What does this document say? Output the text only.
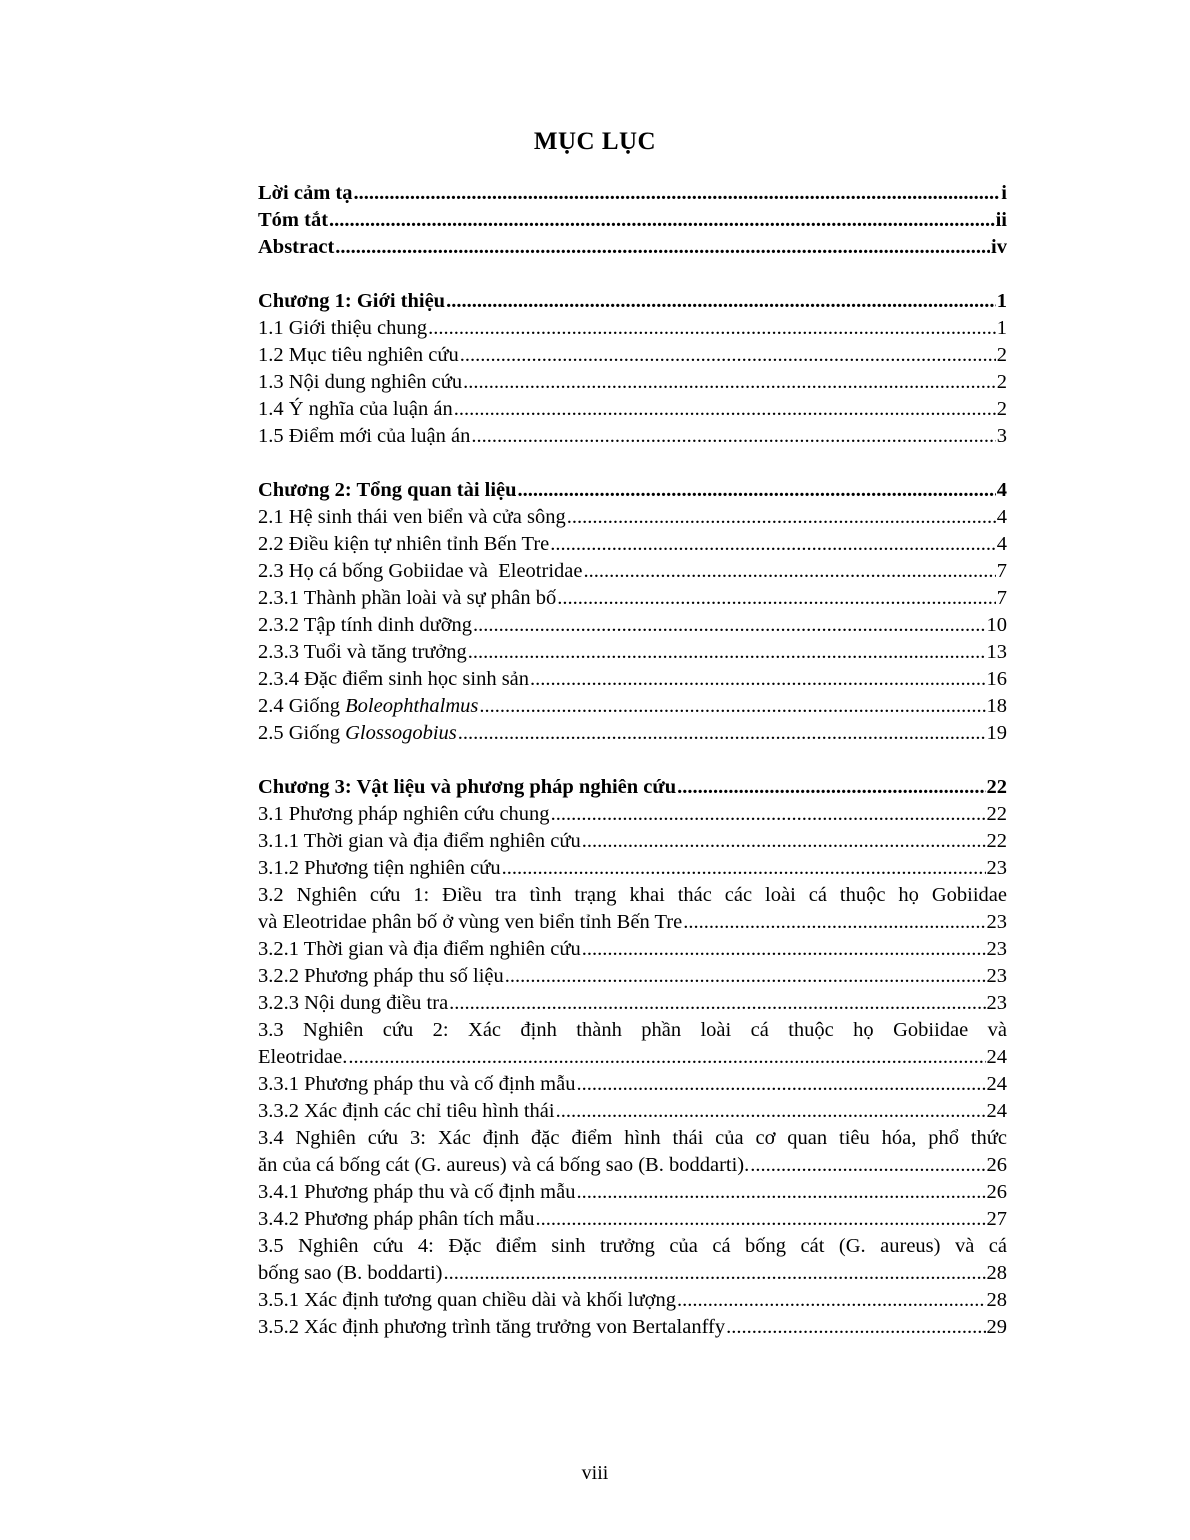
MỤC LỤC
Lời cảm tạ .....	i
Tóm tắt .....	ii
Abstract .....	iv
Chương 1: Giới thiệu .....	1
1.1 Giới thiệu chung .....	1
1.2 Mục tiêu nghiên cứu .....	2
1.3 Nội dung nghiên cứu .....	2
1.4 Ý nghĩa của luận án .....	2
1.5 Điểm mới của luận án .....	3
Chương 2: Tổng quan tài liệu .....	4
2.1 Hệ sinh thái ven biển và cửa sông .....	4
2.2 Điều kiện tự nhiên tỉnh Bến Tre .....	4
2.3 Họ cá bống Gobiidae và  Eleotridae .....	7
2.3.1 Thành phần loài và sự phân bố .....	7
2.3.2 Tập tính dinh dưỡng .....	10
2.3.3 Tuổi và tăng trưởng .....	13
2.3.4 Đặc điểm sinh học sinh sản .....	16
2.4 Giống Boleophthalmus .....	18
2.5 Giống Glossogobius .....	19
Chương 3: Vật liệu và phương pháp nghiên cứu .....	22
3.1 Phương pháp nghiên cứu chung .....	22
3.1.1 Thời gian và địa điểm nghiên cứu .....	22
3.1.2 Phương tiện nghiên cứu .....	23
3.2 Nghiên cứu 1: Điều tra tình trạng khai thác các loài cá thuộc họ Gobiidae
và Eleotridae phân bố ở vùng ven biển tỉnh Bến Tre .....	23
3.2.1 Thời gian và địa điểm nghiên cứu .....	23
3.2.2 Phương pháp thu số liệu .....	23
3.2.3 Nội dung điều tra .....	23
3.3 Nghiên cứu 2: Xác định thành phần loài cá thuộc họ Gobiidae và
Eleotridae. .....	24
3.3.1 Phương pháp thu và cố định mẫu .....	24
3.3.2 Xác định các chỉ tiêu hình thái .....	24
3.4 Nghiên cứu 3: Xác định đặc điểm hình thái của cơ quan tiêu hóa, phổ thức
ăn của cá bống cát (G. aureus) và cá bống sao (B. boddarti). .....	26
3.4.1 Phương pháp thu và cố định mẫu .....	26
3.4.2 Phương pháp phân tích mẫu .....	27
3.5 Nghiên cứu 4: Đặc điểm sinh trưởng của cá bống cát (G. aureus) và cá
bống sao (B. boddarti) .....	28
3.5.1 Xác định tương quan chiều dài và khối lượng .....	28
3.5.2 Xác định phương trình tăng trưởng von Bertalanffy .....	29
viii
